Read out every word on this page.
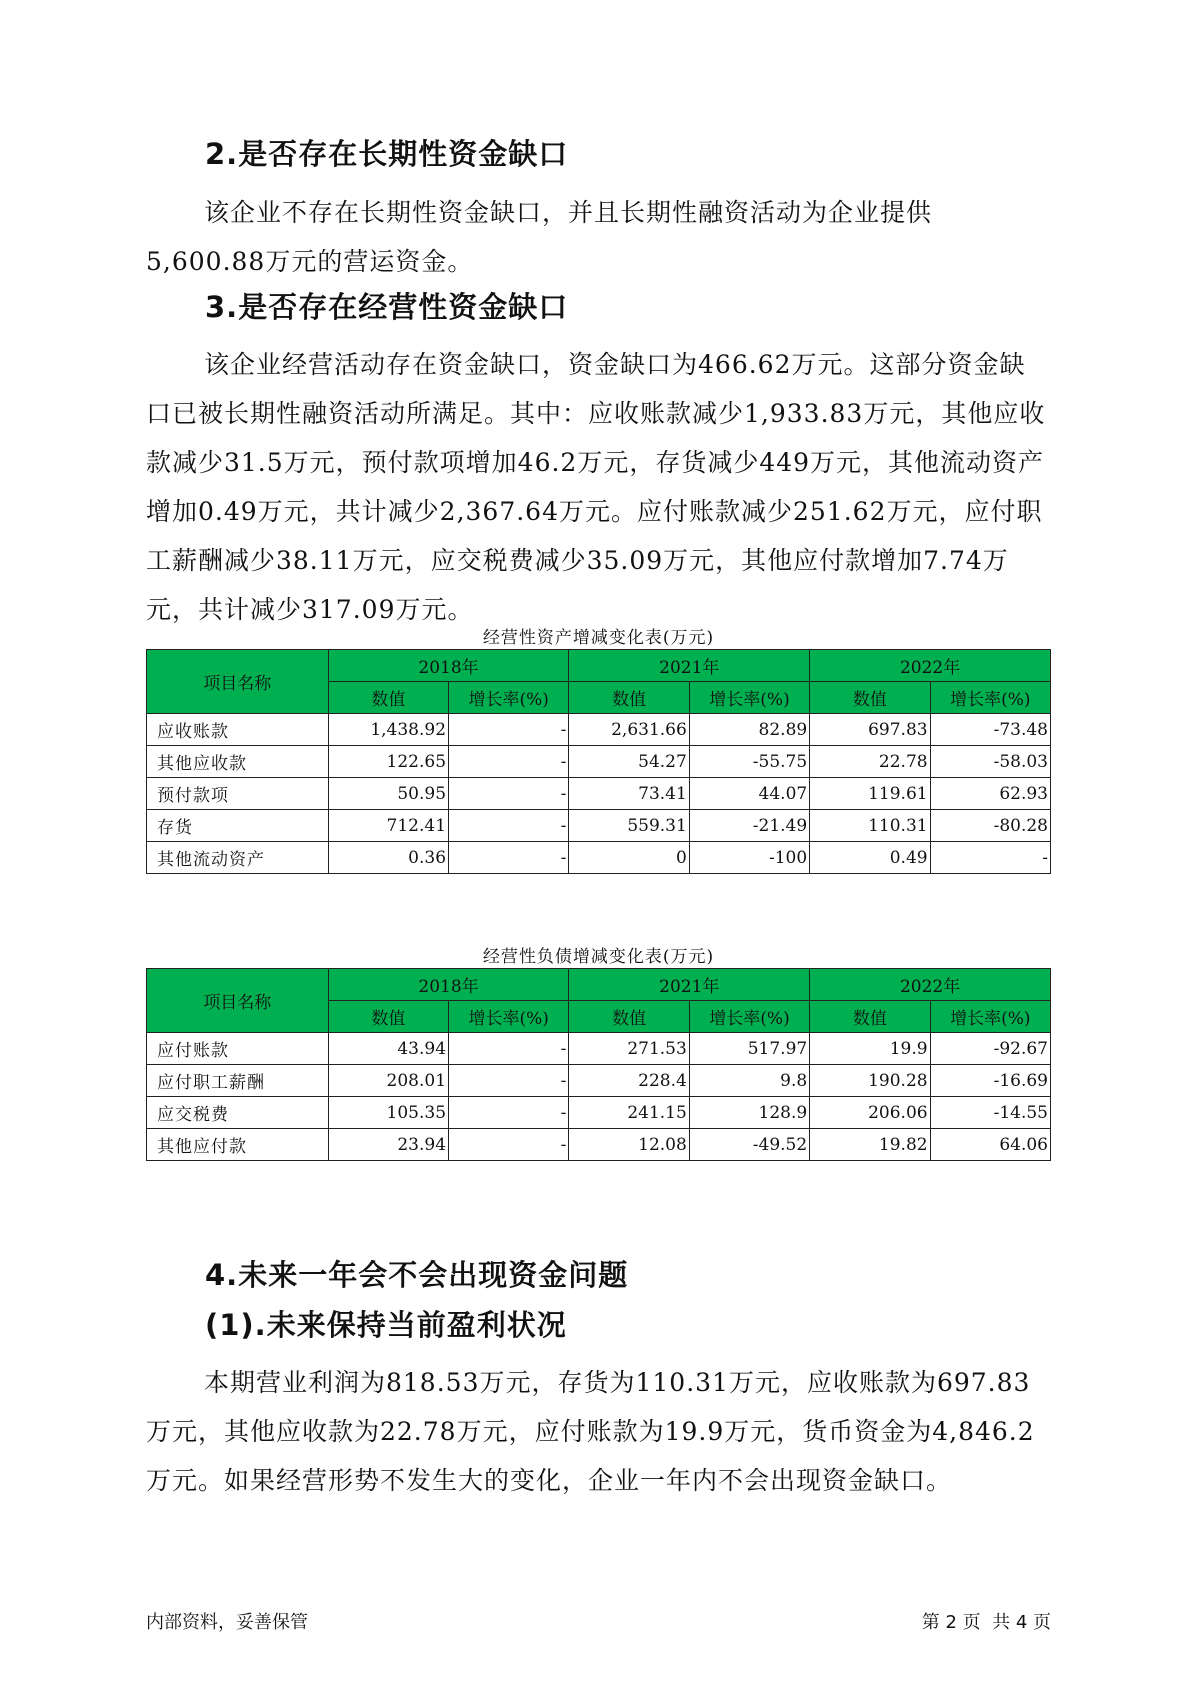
2.是否存在长期性资金缺口

该企业不存在长期性资金缺口，并且长期性融资活动为企业提供5,600.88万元的营运资金。

3.是否存在经营性资金缺口

该企业经营活动存在资金缺口，资金缺口为466.62万元。这部分资金缺口已被长期性融资活动所满足。其中：应收账款减少1,933.83万元，其他应收款减少31.5万元，预付款项增加46.2万元，存货减少449万元，其他流动资产增加0.49万元，共计减少2,367.64万元。应付账款减少251.62万元，应付职工薪酬减少38.11万元，应交税费减少35.09万元，其他应付款增加7.74万元，共计减少317.09万元。

经营性资产增减变化表(万元)
项目名称	2018年		2021年		2022年	
	数值	增长率(%)	数值	增长率(%)	数值	增长率(%)
应收账款	1,438.92	-	2,631.66	82.89	697.83	-73.48
其他应收款	122.65	-	54.27	-55.75	22.78	-58.03
预付款项	50.95	-	73.41	44.07	119.61	62.93
存货	712.41	-	559.31	-21.49	110.31	-80.28
其他流动资产	0.36	-	0	-100	0.49	-
经营性负债增减变化表(万元)
项目名称	2018年		2021年		2022年	
	数值	增长率(%)	数值	增长率(%)	数值	增长率(%)
应付账款	43.94	-	271.53	517.97	19.9	-92.67
应付职工薪酬	208.01	-	228.4	9.8	190.28	-16.69
应交税费	105.35	-	241.15	128.9	206.06	-14.55
其他应付款	23.94	-	12.08	-49.52	19.82	64.06
4.未来一年会不会出现资金问题
(1).未来保持当前盈利状况

本期营业利润为818.53万元，存货为110.31万元，应收账款为697.83万元，其他应收款为22.78万元，应付账款为19.9万元，货币资金为4,846.2万元。如果经营形势不发生大的变化，企业一年内不会出现资金缺口。

内部资料，妥善保管	第 2 页  共 4 页
